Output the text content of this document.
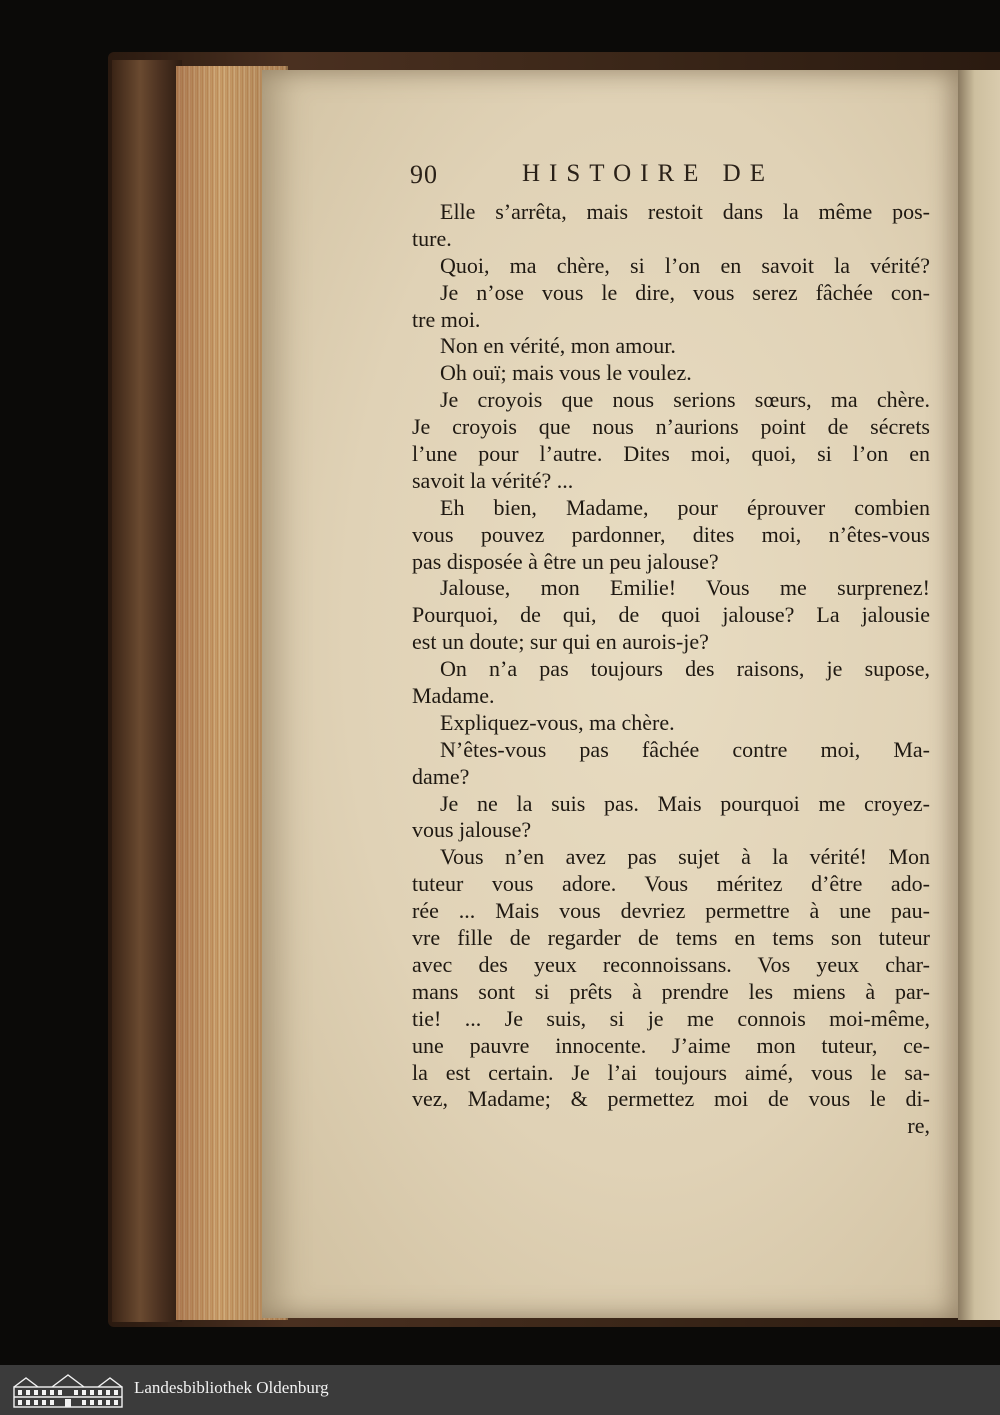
90	HISTOIRE DE
Elle s’arrêta, mais restoit dans la même pos-
ture.
Quoi, ma chère, si l’on en savoit la vérité?
Je n’ose vous le dire, vous serez fâchée con-
tre moi.
Non en vérité, mon amour.
Oh ouï; mais vous le voulez.
Je croyois que nous serions sœurs, ma chère.
Je croyois que nous n’aurions point de sécrets
l’une pour l’autre. Dites moi, quoi, si l’on en
savoit la vérité? ...
Eh bien, Madame, pour éprouver combien
vous pouvez pardonner, dites moi, n’êtes-vous
pas disposée à être un peu jalouse?
Jalouse, mon Emilie! Vous me surprenez!
Pourquoi, de qui, de quoi jalouse? La jalousie
est un doute; sur qui en aurois-je?
On n’a pas toujours des raisons, je supose,
Madame.
Expliquez-vous, ma chère.
N’êtes-vous pas fâchée contre moi, Ma-
dame?
Je ne la suis pas. Mais pourquoi me croyez-
vous jalouse?
Vous n’en avez pas sujet à la vérité! Mon
tuteur vous adore. Vous méritez d’être ado-
rée ... Mais vous devriez permettre à une pau-
vre fille de regarder de tems en tems son tuteur
avec des yeux reconnoissans. Vos yeux char-
mans sont si prêts à prendre les miens à par-
tie! ... Je suis, si je me connois moi-même,
une pauvre innocente. J’aime mon tuteur, ce-
la est certain. Je l’ai toujours aimé, vous le sa-
vez, Madame; & permettez moi de vous le di-
re,
Landesbibliothek Oldenburg
